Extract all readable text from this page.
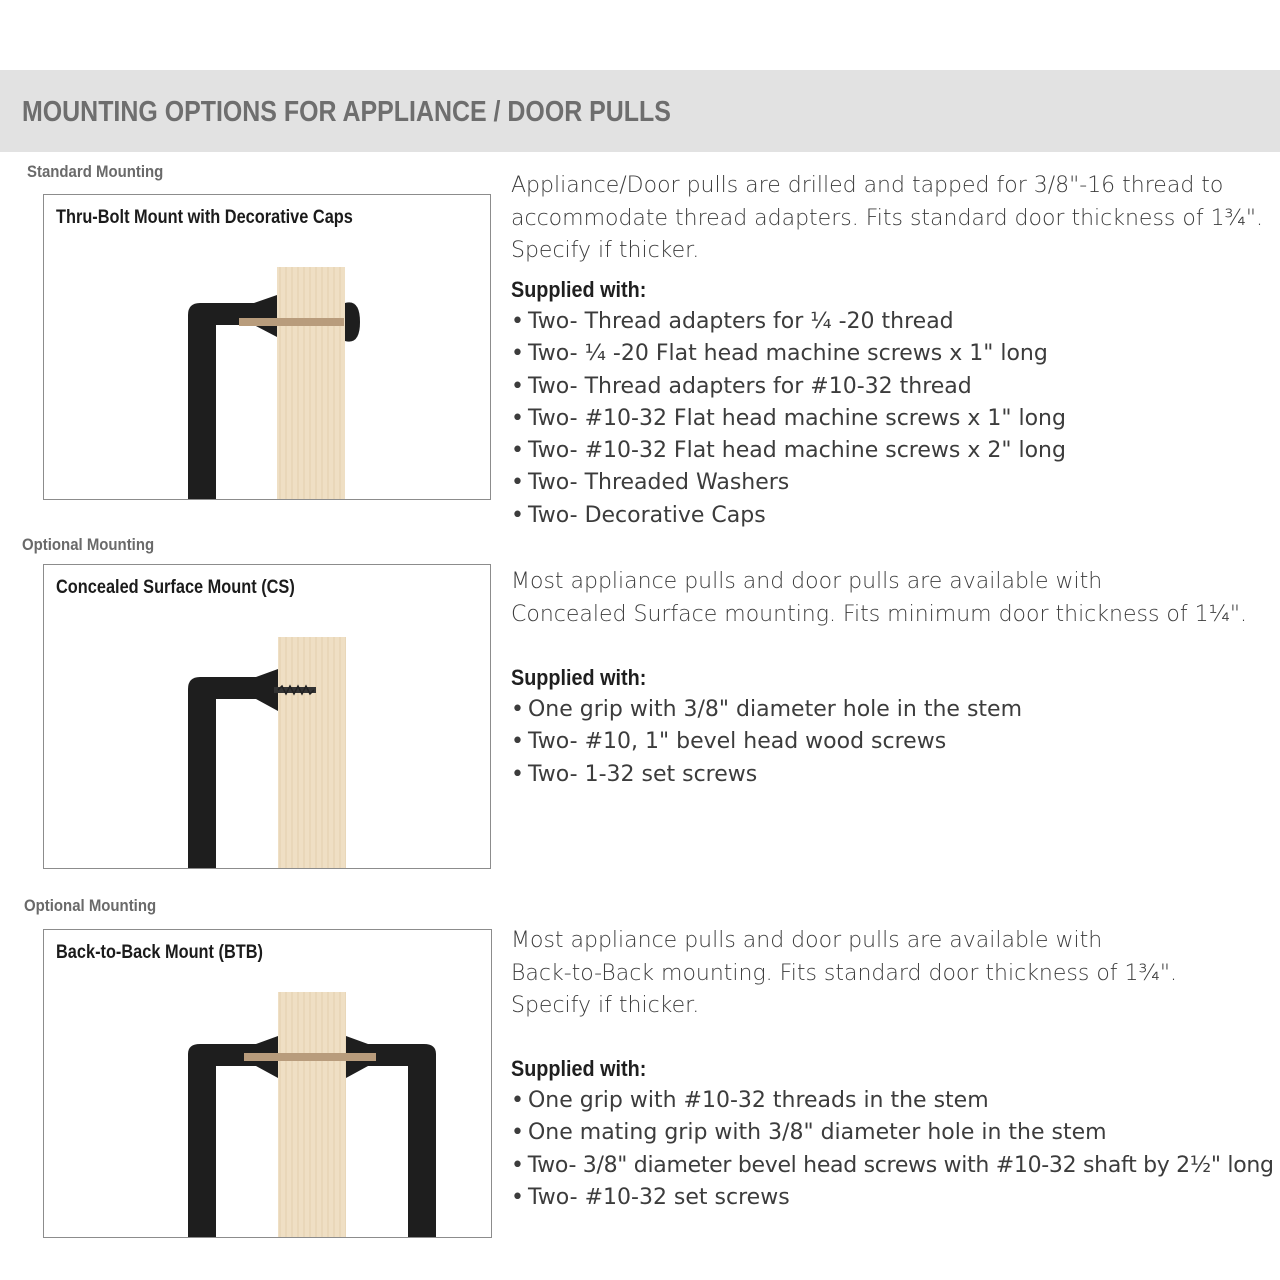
MOUNTING OPTIONS FOR APPLIANCE / DOOR PULLS
Standard Mounting
Thru-Bolt Mount with Decorative Caps

Appliance/Door pulls are drilled and tapped for 3/8"-16 thread to
accommodate thread adapters. Fits standard door thickness of 1¾".
Specify if thicker.

Supplied with:
• Two- Thread adapters for ¼ -20 thread
• Two- ¼ -20 Flat head machine screws x 1" long
• Two- Thread adapters for #10-32 thread
• Two- #10-32 Flat head machine screws x 1" long
• Two- #10-32 Flat head machine screws x 2" long
• Two- Threaded Washers
• Two- Decorative Caps
Optional Mounting
Concealed Surface Mount (CS)	Most appliance pulls and door pulls are available with
Concealed Surface mounting. Fits minimum door thickness of 1¼".

Supplied with:
• One grip with 3/8" diameter hole in the stem
• Two- #10, 1" bevel head wood screws
• Two- 1-32 set screws
Optional Mounting
Back-to-Back Mount (BTB)	Most appliance pulls and door pulls are available with
Back-to-Back mounting. Fits standard door thickness of 1¾".
Specify if thicker.

Supplied with:
• One grip with #10-32 threads in the stem
• One mating grip with 3/8" diameter hole in the stem
• Two- 3/8" diameter bevel head screws with #10-32 shaft by 2½" long
• Two- #10-32 set screws
